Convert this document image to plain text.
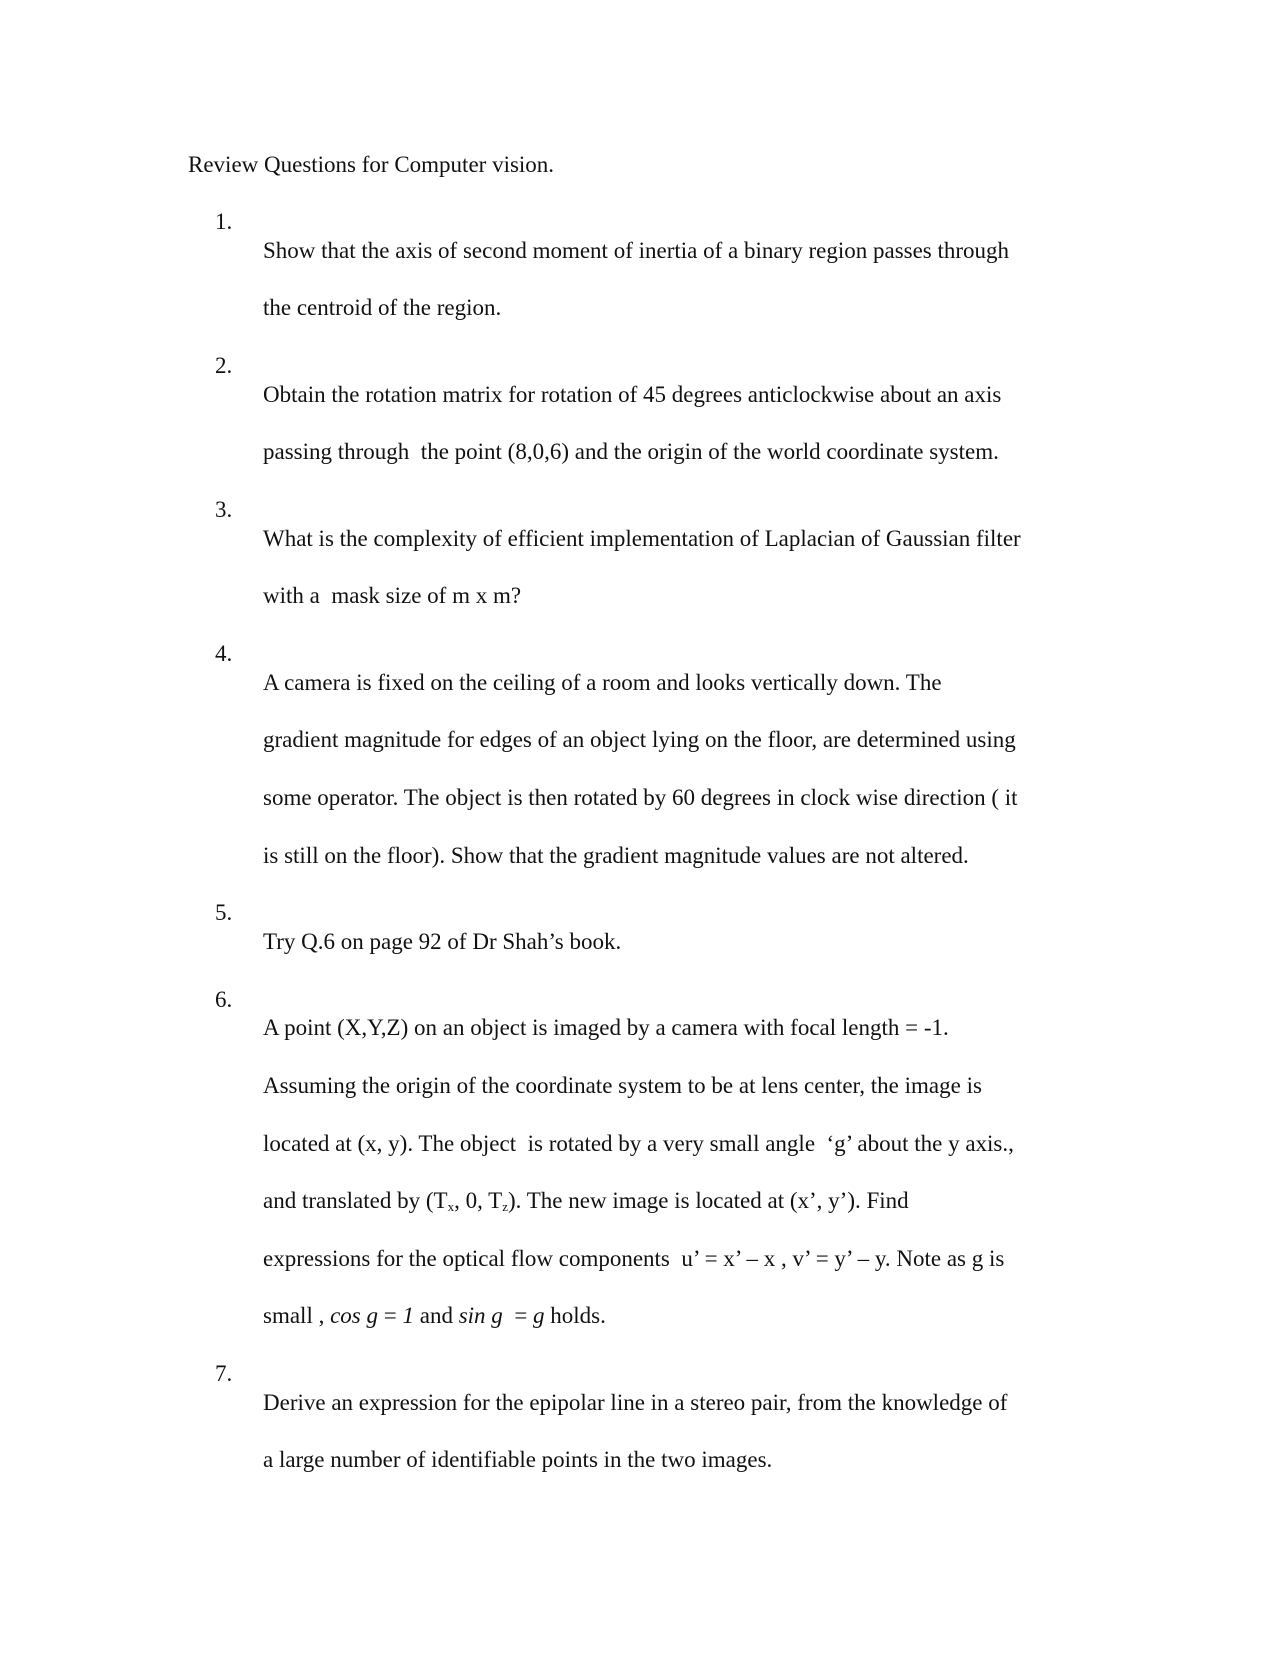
Review Questions for Computer vision.
1.

Show that the axis of second moment of inertia of a binary region passes through

the centroid of the region.

2.

Obtain the rotation matrix for rotation of 45 degrees anticlockwise about an axis

passing through  the point (8,0,6) and the origin of the world coordinate system.

3.

What is the complexity of efficient implementation of Laplacian of Gaussian filter

with a  mask size of m x m?

4.

A camera is fixed on the ceiling of a room and looks vertically down. The

gradient magnitude for edges of an object lying on the floor, are determined using

some operator. The object is then rotated by 60 degrees in clock wise direction ( it

is still on the floor). Show that the gradient magnitude values are not altered.

5.

Try Q.6 on page 92 of Dr Shah’s book.

6.

A point (X,Y,Z) on an object is imaged by a camera with focal length = -1.

Assuming the origin of the coordinate system to be at lens center, the image is

located at (x, y). The object  is rotated by a very small angle  ‘g’ about the y axis.,

and translated by ($T_x$, 0, $T_z$). The new image is located at (x’, y’). Find

expressions for the optical flow components  u’ = x’ – x , v’ = y’ – y. Note as g is

small , cos g = 1 and sin g  = g holds.

7.

Derive an expression for the epipolar line in a stereo pair, from the knowledge of

a large number of identifiable points in the two images.
